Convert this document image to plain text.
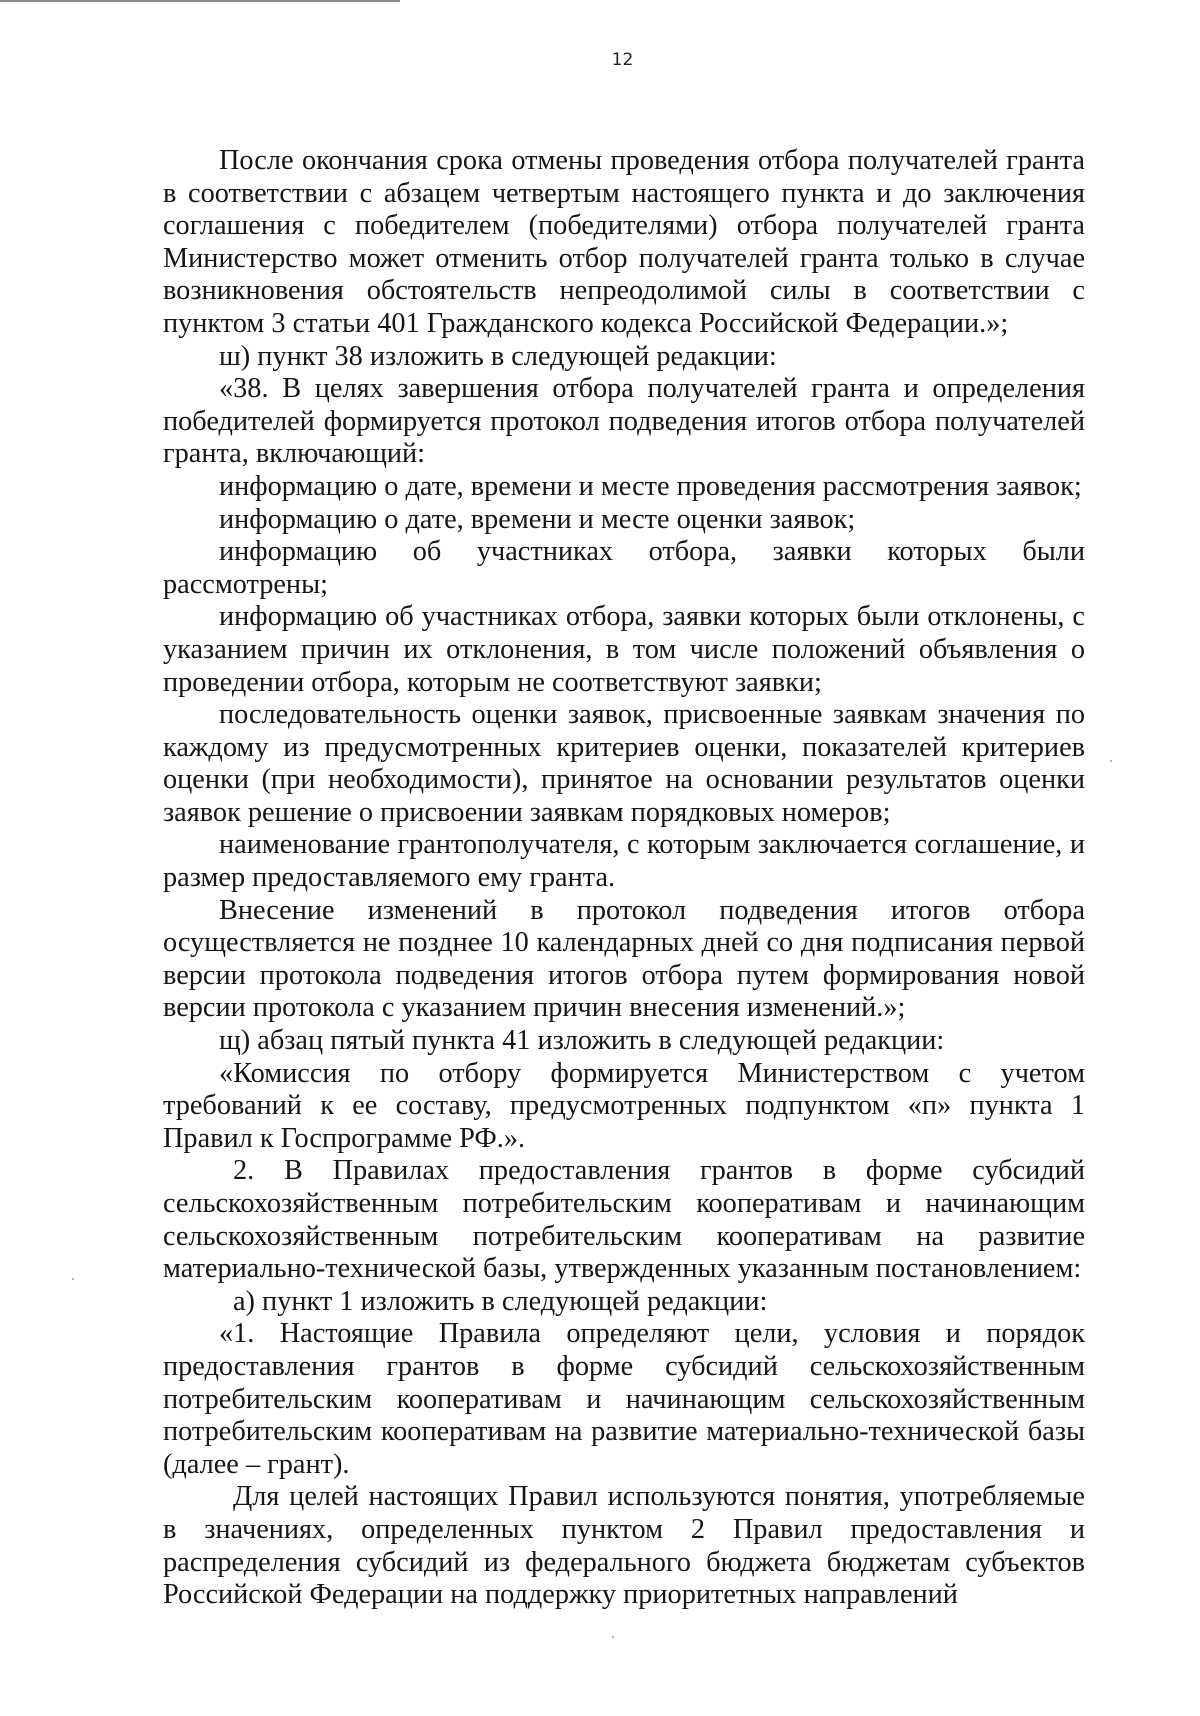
12

После окончания срока отмены проведения отбора получателей гранта в соответствии с абзацем четвертым настоящего пункта и до заключения соглашения с победителем (победителями) отбора получателей гранта Министерство может отменить отбор получателей гранта только в случае возникновения обстоятельств непреодолимой силы в соответствии с пунктом 3 статьи 401 Гражданского кодекса Российской Федерации.»;

ш) пункт 38 изложить в следующей редакции:

«38. В целях завершения отбора получателей гранта и определения победителей формируется протокол подведения итогов отбора получателей гранта, включающий:

информацию о дате, времени и месте проведения рассмотрения заявок;

информацию о дате, времени и месте оценки заявок;

информацию об участниках отбора, заявки которых были рассмотрены;

информацию об участниках отбора, заявки которых были отклонены, с указанием причин их отклонения, в том числе положений объявления о проведении отбора, которым не соответствуют заявки;

последовательность оценки заявок, присвоенные заявкам значения по каждому из предусмотренных критериев оценки, показателей критериев оценки (при необходимости), принятое на основании результатов оценки заявок решение о присвоении заявкам порядковых номеров;

наименование грантополучателя, с которым заключается соглашение, и размер предоставляемого ему гранта.

Внесение изменений в протокол подведения итогов отбора осуществляется не позднее 10 календарных дней со дня подписания первой версии протокола подведения итогов отбора путем формирования новой версии протокола с указанием причин внесения изменений.»;

щ) абзац пятый пункта 41 изложить в следующей редакции:

«Комиссия по отбору формируется Министерством с учетом требований к ее составу, предусмотренных подпунктом «п» пункта 1 Правил к Госпрограмме РФ.».

2. В Правилах предоставления грантов в форме субсидий сельскохозяйственным потребительским кооперативам и начинающим сельскохозяйственным потребительским кооперативам на развитие материально-технической базы, утвержденных указанным постановлением:

а) пункт 1 изложить в следующей редакции:

«1. Настоящие Правила определяют цели, условия и порядок предоставления грантов в форме субсидий сельскохозяйственным потребительским кооперативам и начинающим сельскохозяйственным потребительским кооперативам на развитие материально-технической базы (далее – грант).

Для целей настоящих Правил используются понятия, употребляемые в значениях, определенных пунктом 2 Правил предоставления и распределения субсидий из федерального бюджета бюджетам субъектов Российской Федерации на поддержку приоритетных направлений
